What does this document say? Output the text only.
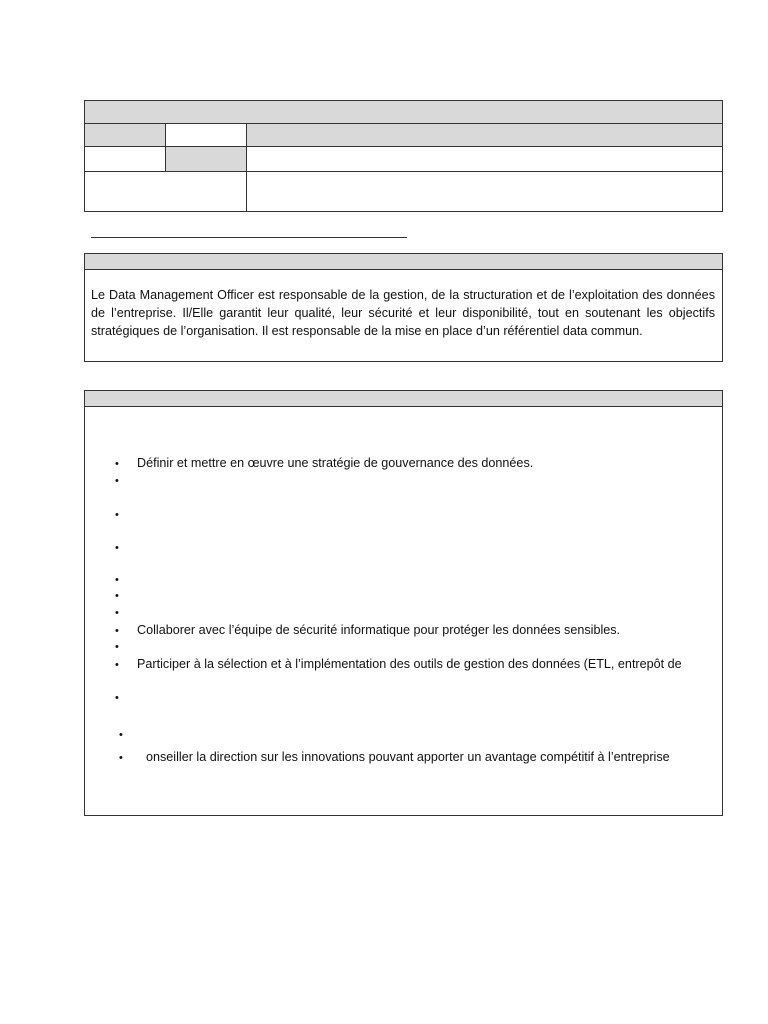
Le Data Management Officer est responsable de la gestion, de la structuration et de l’exploitation des données de l’entreprise. Il/Elle garantit leur qualité, leur sécurité et leur disponibilité, tout en soutenant les objectifs stratégiques de l’organisation. Il est responsable de la mise en place d’un référentiel data commun.

• Définir et mettre en œuvre une stratégie de gouvernance des données.
•
•
•
•
•
•
• Collaborer avec l’équipe de sécurité informatique pour protéger les données sensibles.
•
• Participer à la sélection et à l’implémentation des outils de gestion des données (ETL, entrepôt de
•
•
• onseiller la direction sur les innovations pouvant apporter un avantage compétitif à l’entreprise
